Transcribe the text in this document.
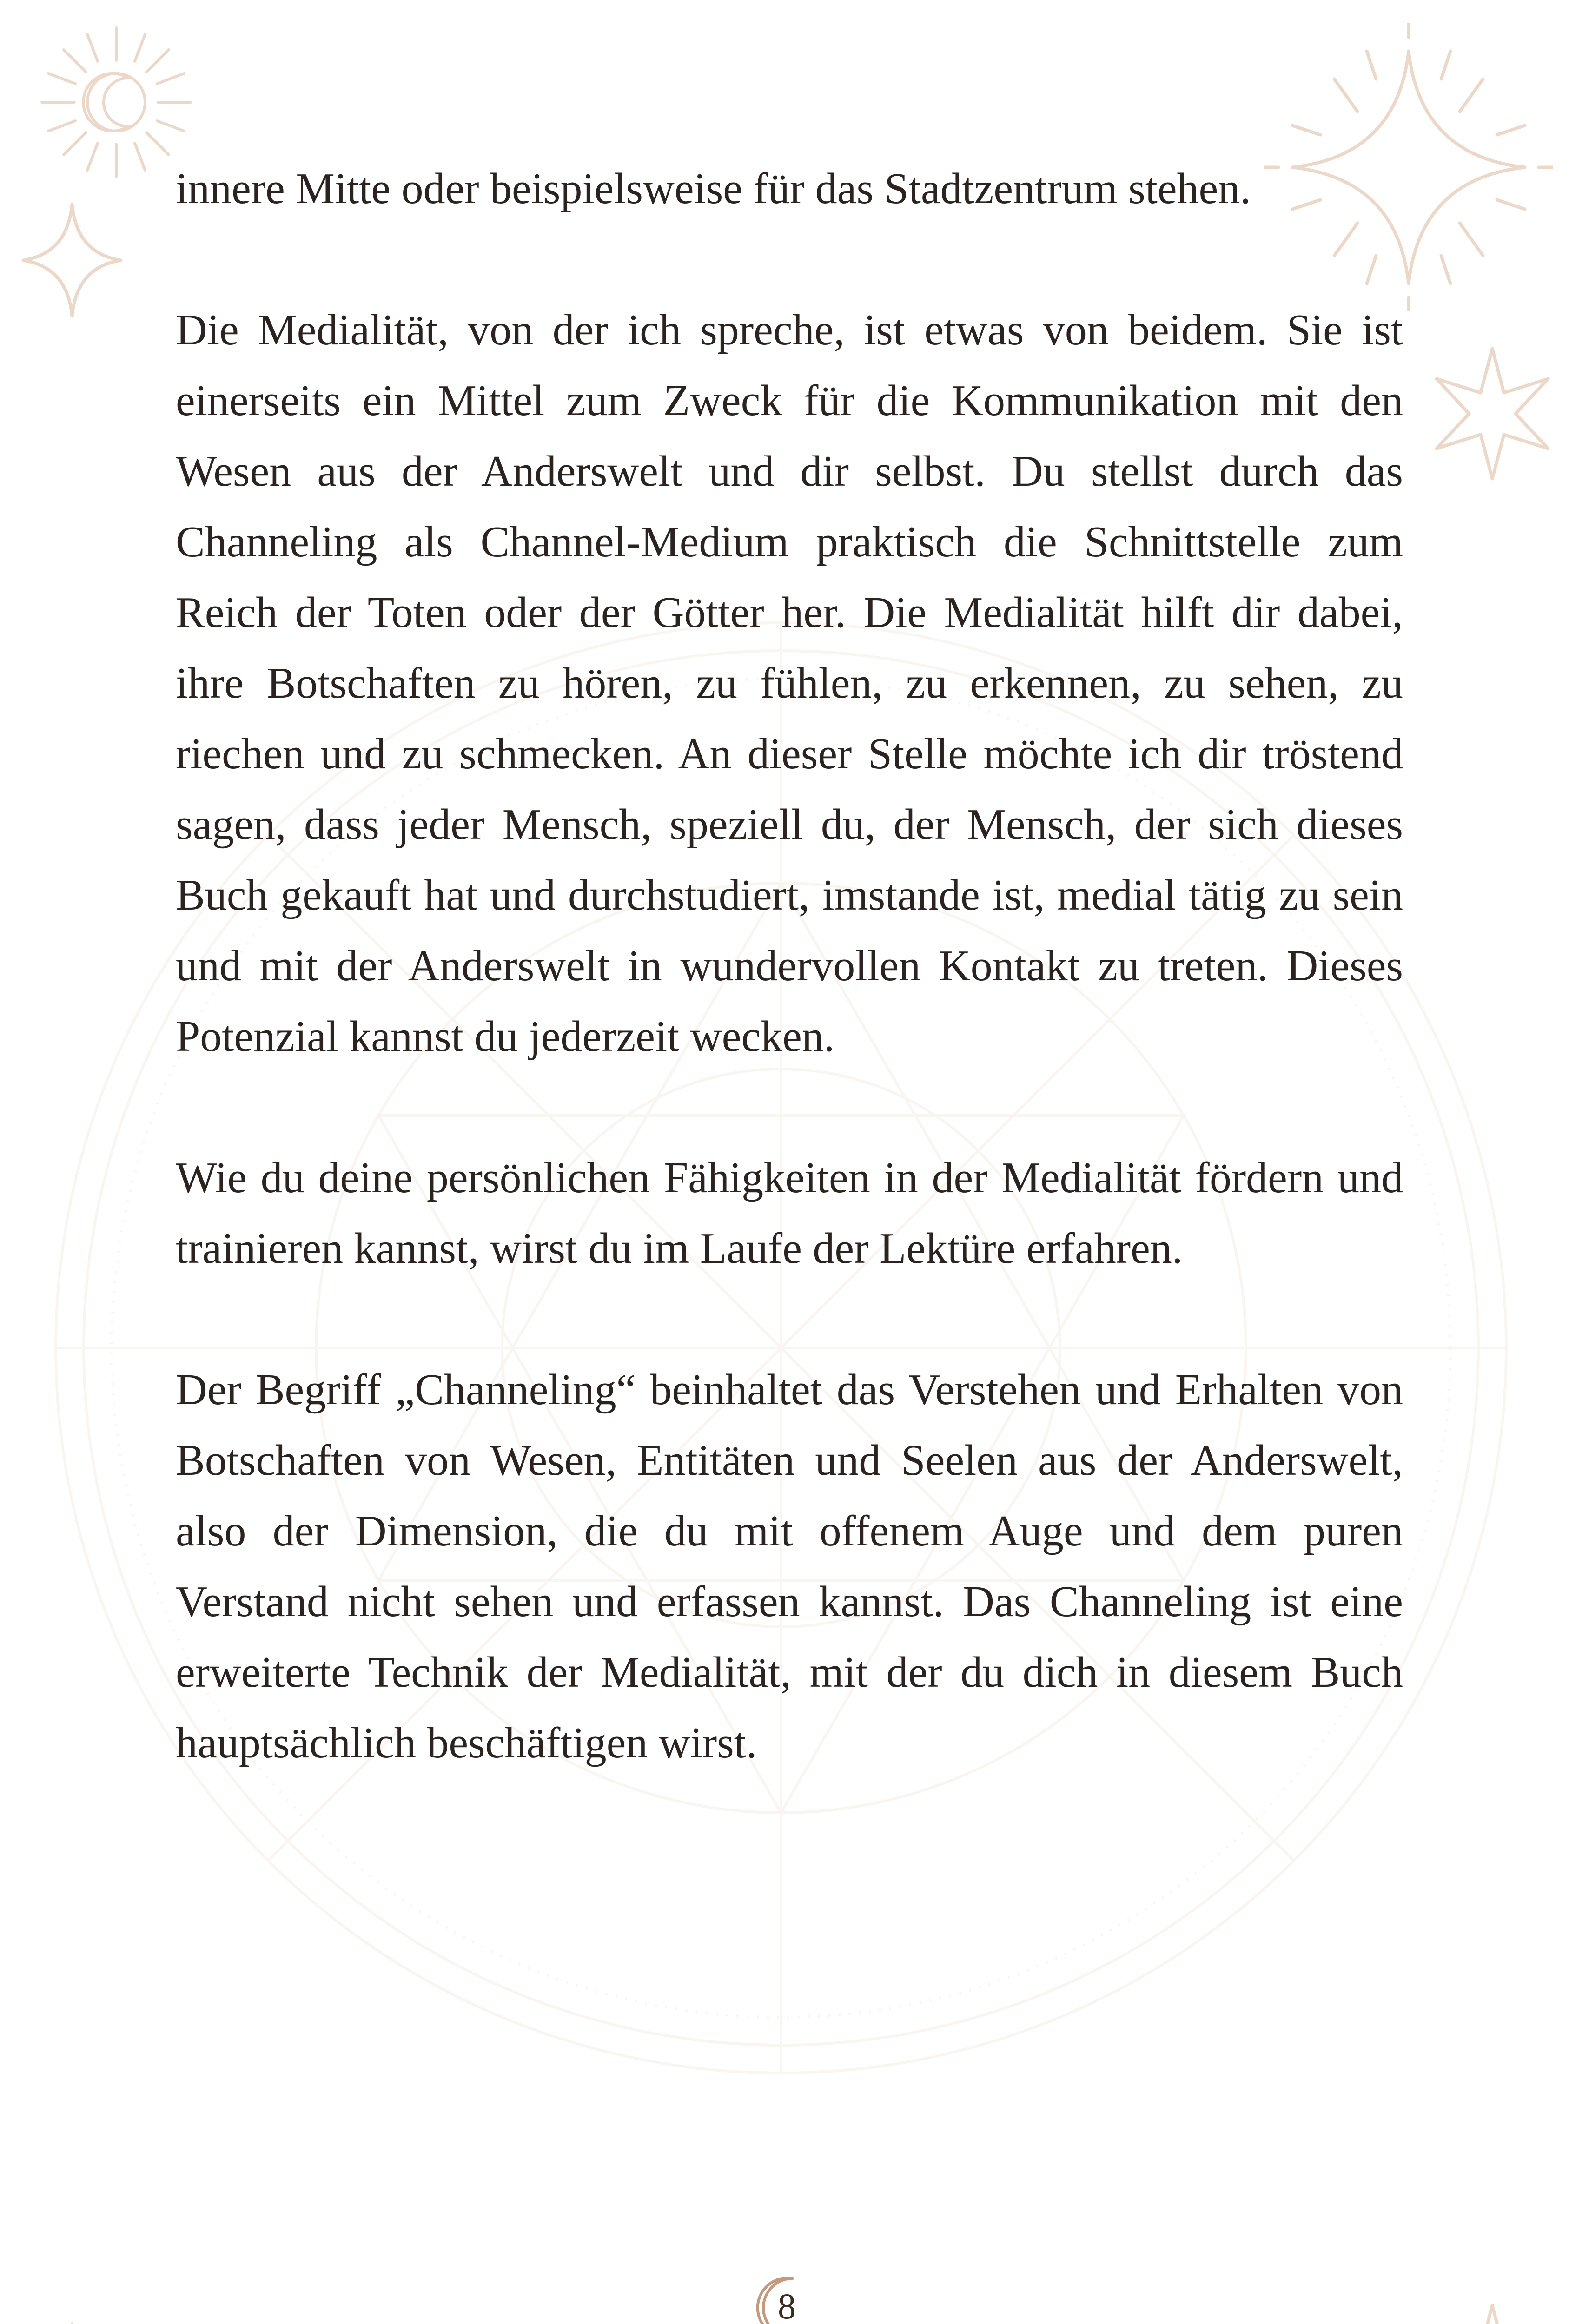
innere Mitte oder beispielsweise für das Stadtzentrum stehen.

Die Medialität, von der ich spreche, ist etwas von beidem. Sie ist einerseits ein Mittel zum Zweck für die Kommunikation mit den Wesen aus der Anderswelt und dir selbst. Du stellst durch das Channeling als Channel-Medium praktisch die Schnittstelle zum Reich der Toten oder der Götter her. Die Medialität hilft dir dabei, ihre Botschaften zu hören, zu fühlen, zu erkennen, zu sehen, zu riechen und zu schmecken. An dieser Stelle möchte ich dir tröstend sagen, dass jeder Mensch, speziell du, der Mensch, der sich dieses Buch gekauft hat und durchstudiert, imstande ist, medial tätig zu sein und mit der Anderswelt in wundervollen Kontakt zu treten. Dieses Potenzial kannst du jederzeit wecken.

Wie du deine persönlichen Fähigkeiten in der Medialität fördern und trainieren kannst, wirst du im Laufe der Lektüre erfahren.

Der Begriff „Channeling“ beinhaltet das Verstehen und Erhalten von Botschaften von Wesen, Entitäten und Seelen aus der Anderswelt, also der Dimension, die du mit offenem Auge und dem puren Verstand nicht sehen und erfassen kannst. Das Channeling ist eine erweiterte Technik der Medialität, mit der du dich in diesem Buch hauptsächlich beschäftigen wirst.

8
